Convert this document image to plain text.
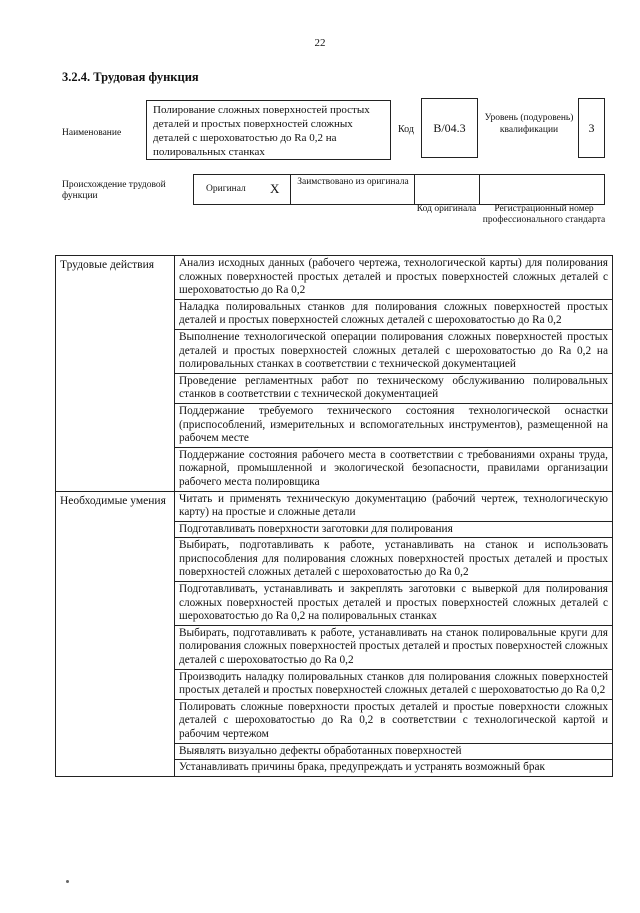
22
3.2.4. Трудовая функция
Наименование
Полирование сложных поверхностей простых деталей и простых поверхностей сложных деталей с шероховатостью до Ra 0,2 на полировальных станках
Код	B/04.3
Уровень (подуровень) квалификации	3
Происхождение трудовой функции
Оригинал X	Заимствовано из оригинала
Код оригинала	Регистрационный номер профессионального стандарта
Трудовые действия	Анализ исходных данных (рабочего чертежа, технологической карты) для полирования сложных поверхностей простых деталей и простых поверхностей сложных деталей с шероховатостью до Ra 0,2
	Наладка полировальных станков для полирования сложных поверхностей простых деталей и простых поверхностей сложных деталей с шероховатостью до Ra 0,2
	Выполнение технологической операции полирования сложных поверхностей простых деталей и простых поверхностей сложных деталей с шероховатостью до Ra 0,2 на полировальных станках в соответствии с технической документацией
	Проведение регламентных работ по техническому обслуживанию полировальных станков в соответствии с технической документацией
	Поддержание требуемого технического состояния технологической оснастки (приспособлений, измерительных и вспомогательных инструментов), размещенной на рабочем месте
	Поддержание состояния рабочего места в соответствии с требованиями охраны труда, пожарной, промышленной и экологической безопасности, правилами организации рабочего места полировщика
Необходимые умения	Читать и применять техническую документацию (рабочий чертеж, технологическую карту) на простые и сложные детали
	Подготавливать поверхности заготовки для полирования
	Выбирать, подготавливать к работе, устанавливать на станок и использовать приспособления для полирования сложных поверхностей простых деталей и простых поверхностей сложных деталей с шероховатостью до Ra 0,2
	Подготавливать, устанавливать и закреплять заготовки с выверкой для полирования сложных поверхностей простых деталей и простых поверхностей сложных деталей с шероховатостью до Ra 0,2 на полировальных станках
	Выбирать, подготавливать к работе, устанавливать на станок полировальные круги для полирования сложных поверхностей простых деталей и простых поверхностей сложных деталей с шероховатостью до Ra 0,2
	Производить наладку полировальных станков для полирования сложных поверхностей простых деталей и простых поверхностей сложных деталей с шероховатостью до Ra 0,2
	Полировать сложные поверхности простых деталей и простые поверхности сложных деталей с шероховатостью до Ra 0,2 в соответствии с технологической картой и рабочим чертежом
	Выявлять визуально дефекты обработанных поверхностей
	Устанавливать причины брака, предупреждать и устранять возможный брак
